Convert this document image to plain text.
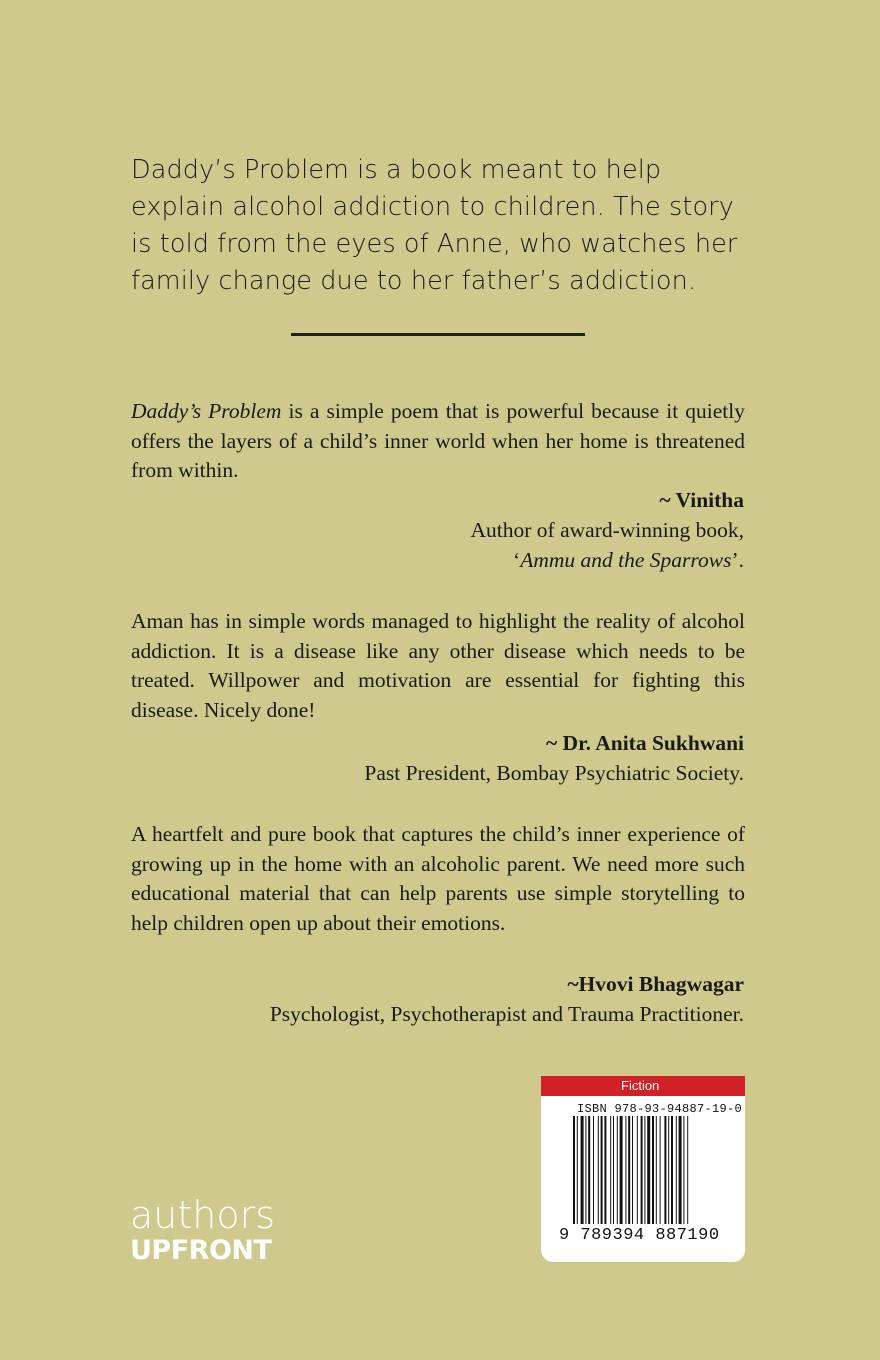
Daddy’s Problem is a book meant to help explain alcohol addiction to children. The story is told from the eyes of Anne, who watches her family change due to her father’s addiction.

Daddy’s Problem is a simple poem that is powerful because it quietly offers the layers of a child’s inner world when her home is threatened from within.

~ Vinitha

Author of award-winning book,

‘Ammu and the Sparrows’.

Aman has in simple words managed to highlight the reality of alcohol addiction. It is a disease like any other disease which needs to be treated. Willpower and motivation are essential for fighting this disease. Nicely done!

~ Dr. Anita Sukhwani

Past President, Bombay Psychiatric Society.

A heartfelt and pure book that captures the child’s inner experience of growing up in the home with an alcoholic parent. We need more such educational material that can help parents use simple storytelling to help children open up about their emotions.

~Hvovi Bhagwagar

Psychologist, Psychotherapist and Trauma Practitioner.

authors
UPFRONT
Fiction
ISBN 978-93-94887-19-0
9 789394 887190
